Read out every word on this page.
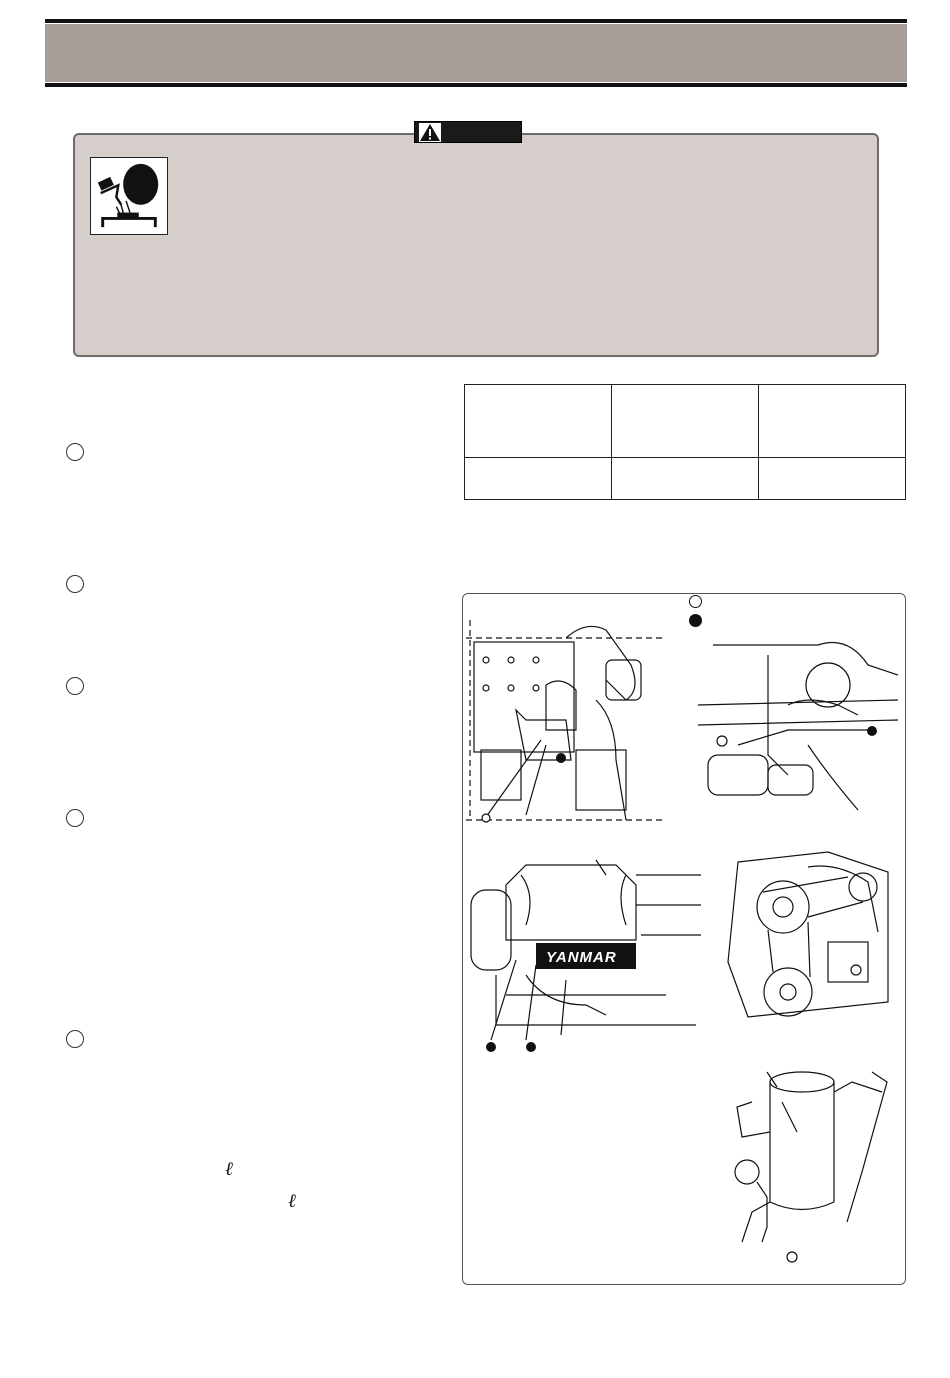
ℓ
ℓ

YANMAR
